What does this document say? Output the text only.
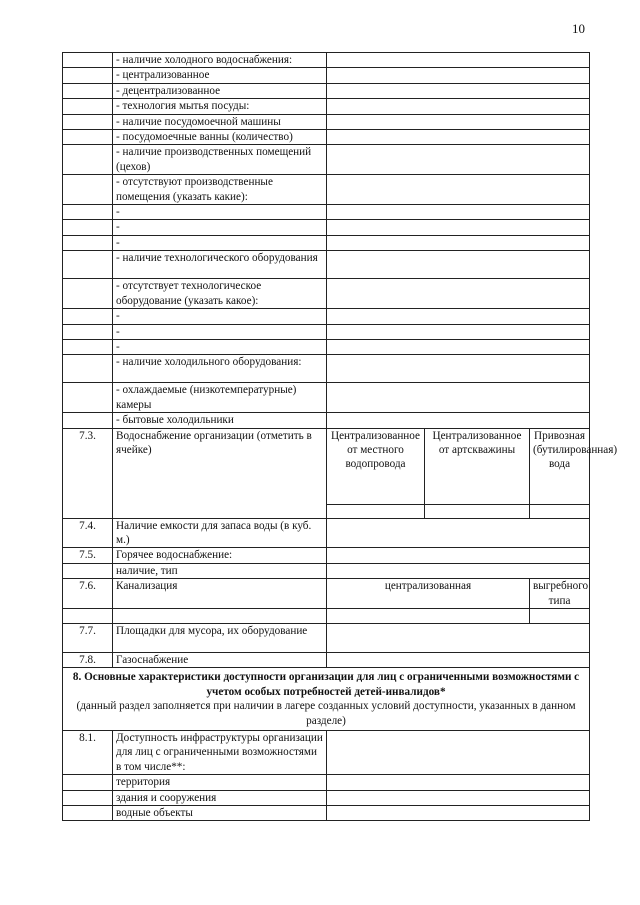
10
	- наличие холодного водоснабжения:			
	- централизованное			
	- децентрализованное			
	- технология мытья посуды:			
	- наличие посудомоечной машины			
	- посудомоечные ванны (количество)			
	- наличие производственных помещений (цехов)			
	- отсутствуют производственные помещения (указать какие):			
	-			
	-			
	-			
	- наличие технологического оборудования			
	- отсутствует технологическое оборудование (указать какое):			
	-			
	-			
	-			
	- наличие холодильного оборудования:			
	- охлаждаемые (низкотемпературные) камеры			
	- бытовые холодильники			
7.3.	Водоснабжение организации (отметить в ячейке)	Централизованное от местного водопровода	Централизованное от артскважины	Привозная (бутилированная) вода

7.4.	Наличие емкости для запаса воды (в куб. м.)			
7.5.	Горячее водоснабжение:			
	наличие, тип			
7.6.	Канализация	централизованная		выгребного типа

7.7.	Площадки для мусора, их оборудование			
7.8.	Газоснабжение			

8. Основные характеристики доступности организации для лиц с ограниченными возможностями с учетом особых потребностей детей-инвалидов*
(данный раздел заполняется при наличии в лагере созданных условий доступности, указанных в данном разделе)				

8.1.	Доступность инфраструктуры организации для лиц с ограниченными возможностями в том числе**:			
	территория			
	здания и сооружения			
	водные объекты			
